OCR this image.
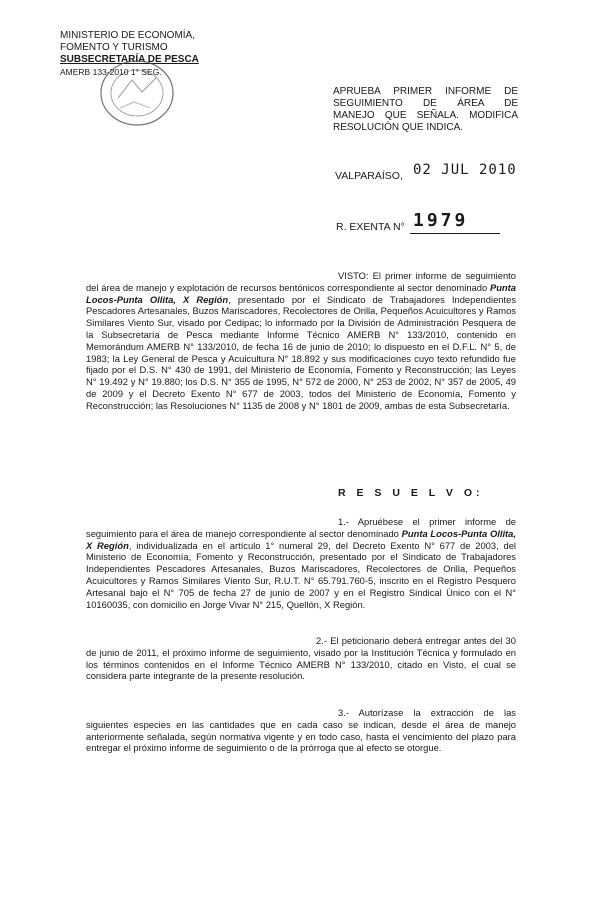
MINISTERIO DE ECONOMÍA,
FOMENTO Y TURISMO
SUBSECRETARÍA DE PESCA
AMERB 133-2010 1° SEG.
APRUEBA PRIMER INFORME DE
SEGUIMIENTO DE ÁREA DE
MANEJO QUE SEÑALA. MODIFICA
RESOLUCIÓN QUE INDICA.
VALPARAÍSO, 02 JUL 2010
R. EXENTA N° 1979

VISTO: El primer informe de seguimiento del área de manejo y explotación de recursos bentónicos correspondiente al sector denominado Punta Locos-Punta Ollita, X Región, presentado por el Sindicato de Trabajadores Independientes Pescadores Artesanales, Buzos Mariscadores, Recolectores de Orilla, Pequeños Acuicultores y Ramos Similares Viento Sur, visado por Cedipac; lo informado por la División de Administración Pesquera de la Subsecretaría de Pesca mediante Informe Técnico AMERB N° 133/2010, contenido en Memorándum AMERB N° 133/2010, de fecha 16 de junio de 2010; lo dispuesto en el D.F.L. N° 5, de 1983; la Ley General de Pesca y Acuicultura N° 18.892 y sus modificaciones cuyo texto refundido fue fijado por el D.S. N° 430 de 1991, del Ministerio de Economía, Fomento y Reconstrucción; las Leyes N° 19.492 y N° 19.880; los D.S. N° 355 de 1995, N° 572 de 2000, N° 253 de 2002, N° 357 de 2005, 49 de 2009 y el Decreto Exento N° 677 de 2003, todos del Ministerio de Economía, Fomento y Reconstrucción; las Resoluciones N° 1135 de 2008 y N° 1801 de 2009, ambas de esta Subsecretaría.

R E S U E L V O:

1.- Apruébese el primer informe de seguimiento para el área de manejo correspondiente al sector denominado Punta Locos-Punta Ollita, X Región, individualizada en el artículo 1° numeral 29, del Decreto Exento N° 677 de 2003, del Ministerio de Economía, Fomento y Reconstrucción, presentado por el Sindicato de Trabajadores Independientes Pescadores Artesanales, Buzos Mariscadores, Recolectores de Orilla, Pequeños Acuicultores y Ramos Similares Viento Sur, R.U.T. N° 65.791.760-5, inscrito en el Registro Pesquero Artesanal bajo el N° 705 de fecha 27 de junio de 2007 y en el Registro Sindical Único con el N° 10160035, con domicilio en Jorge Vivar N° 215, Quellón, X Región.

2.- El peticionario deberá entregar antes del 30 de junio de 2011, el próximo informe de seguimiento, visado por la Institución Técnica y formulado en los términos contenidos en el Informe Técnico AMERB N° 133/2010, citado en Visto, el cual se considera parte integrante de la presente resolución.

3.- Autorízase la extracción de las siguientes especies en las cantidades que en cada caso se indican, desde el área de manejo anteriormente señalada, según normativa vigente y en todo caso, hasta el vencimiento del plazo para entregar el próximo informe de seguimiento o de la prórroga que al efecto se otorgue.
